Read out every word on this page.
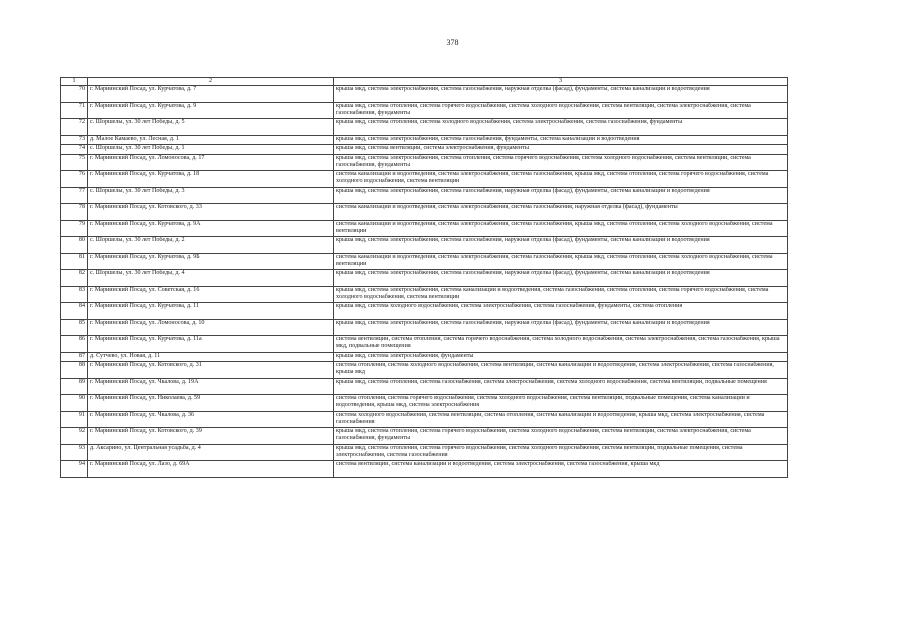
378
1	2	3
70	г. Мариинский Посад, ул. Курчатова, д. 7	крыша мкд, система электроснабжения, система газоснабжения, наружная отделка (фасад), фундаменты, система канализации и водоотведения
71	г. Мариинский Посад, ул. Курчатова, д. 9	крыша мкд, система отопления, система горячего водоснабжения, система холодного водоснабжения, система вентиляции, система электроснабжения, система газоснабжения, фундаменты
72	с. Шоршелы, ул. 30 лет Победы, д. 5	крыша мкд, система отопления, система холодного водоснабжения, система электроснабжения, система газоснабжения, фундаменты
73	д. Малое Камаево, ул. Лесная, д. 1	крыша мкд, система электроснабжения, система газоснабжения, фундаменты, система канализации и водоотведения
74	с. Шоршелы, ул. 30 лет Победы, д. 1	крыша мкд, система вентиляции, система электроснабжения, фундаменты
75	г. Мариинский Посад, ул. Ломоносова, д. 17	крыша мкд, система электроснабжения, система отопления, система горячего водоснабжения, система холодного водоснабжения, система вентиляции, система газоснабжения, фундаменты
76	г. Мариинский Посад, ул. Курчатова, д. 18	система канализации и водоотведения, система электроснабжения, система газоснабжения, крыша мкд, система отопления, система горячего водоснабжения, система холодного водоснабжения, система вентиляции
77	с. Шоршелы, ул. 30 лет Победы, д. 3	крыша мкд, система электроснабжения, система газоснабжения, наружная отделка (фасад), фундаменты, система канализации и водоотведения
78	г. Мариинский Посад, ул. Котовского, д. 33	система канализации и водоотведения, система электроснабжения, система газоснабжения, наружная отделка (фасад), фундаменты
79	г. Мариинский Посад, ул. Курчатова, д. 9А	система канализации и водоотведения, система электроснабжения, система газоснабжения, крыша мкд, система отопления, система холодного водоснабжения, система вентиляции
80	с. Шоршелы, ул. 30 лет Победы, д. 2	крыша мкд, система электроснабжения, система газоснабжения, наружная отделка (фасад), фундаменты, система канализации и водоотведения
81	г. Мариинский Посад, ул. Курчатова, д. 9Б	система канализации и водоотведения, система электроснабжения, система газоснабжения, крыша мкд, система отопления, система холодного водоснабжения, система вентиляции
82	с. Шоршелы, ул. 30 лет Победы, д. 4	крыша мкд, система электроснабжения, система газоснабжения, наружная отделка (фасад), фундаменты, система канализации и водоотведения
83	г. Мариинский Посад, ул. Советская, д. 16	крыша мкд, система электроснабжения, система канализации и водоотведения, система газоснабжения, система отопления, система горячего водоснабжения, система холодного водоснабжения, система вентиляции
84	г. Мариинский Посад, ул. Курчатова, д. 11	крыша мкд, система холодного водоснабжения, система электроснабжения, система газоснабжения, фундаменты, система отопления
85	г. Мариинский Посад, ул. Ломоносова, д. 10	крыша мкд, система электроснабжения, система газоснабжения, наружная отделка (фасад), фундаменты, система канализации и водоотведения
86	г. Мариинский Посад, ул. Курчатова, д. 11а	система вентиляции, система отопления, система горячего водоснабжения, система холодного водоснабжения, система электроснабжения, система газоснабжения, крыша мкд, подвальные помещения
87	д. Сутчево, ул. Новая, д. 11	крыша мкд, система электроснабжения, фундаменты
88	г. Мариинский Посад, ул. Котовского, д. 31	система отопления, система холодного водоснабжения, система вентиляции, система канализации и водоотведения, система электроснабжения, система газоснабжения, крыша мкд
89	г. Мариинский Посад, ул. Чкалова, д. 19А	крыша мкд, система отопления, система газоснабжения, система электроснабжения, система холодного водоснабжения, система вентиляции, подвальные помещения
90	г. Мариинский Посад, ул. Николаева, д. 59	система отопления, система горячего водоснабжения, система холодного водоснабжения, система вентиляции, подвальные помещения, система канализации и водоотведения, крыша мкд, система электроснабжения
91	г. Мариинский Посад, ул. Чкалова, д. 36	система холодного водоснабжения, система вентиляции, система отопления, система канализации и водоотведения, крыша мкд, система электроснабжения, система газоснабжения
92	г. Мариинский Посад, ул. Котовского, д. 39	крыша мкд, система отопления, система горячего водоснабжения, система холодного водоснабжения, система вентиляции, система электроснабжения, система газоснабжения, фундаменты
93	д. Аксарино, ул. Центральная усадьба, д. 4	крыша мкд, система отопления, система горячего водоснабжения, система холодного водоснабжения, система вентиляции, подвальные помещения, система электроснабжения, система газоснабжения
94	г. Мариинский Посад, ул. Лазо, д. 69А	система вентиляции, система канализации и водоотведения, система электроснабжения, система газоснабжения, крыша мкд
